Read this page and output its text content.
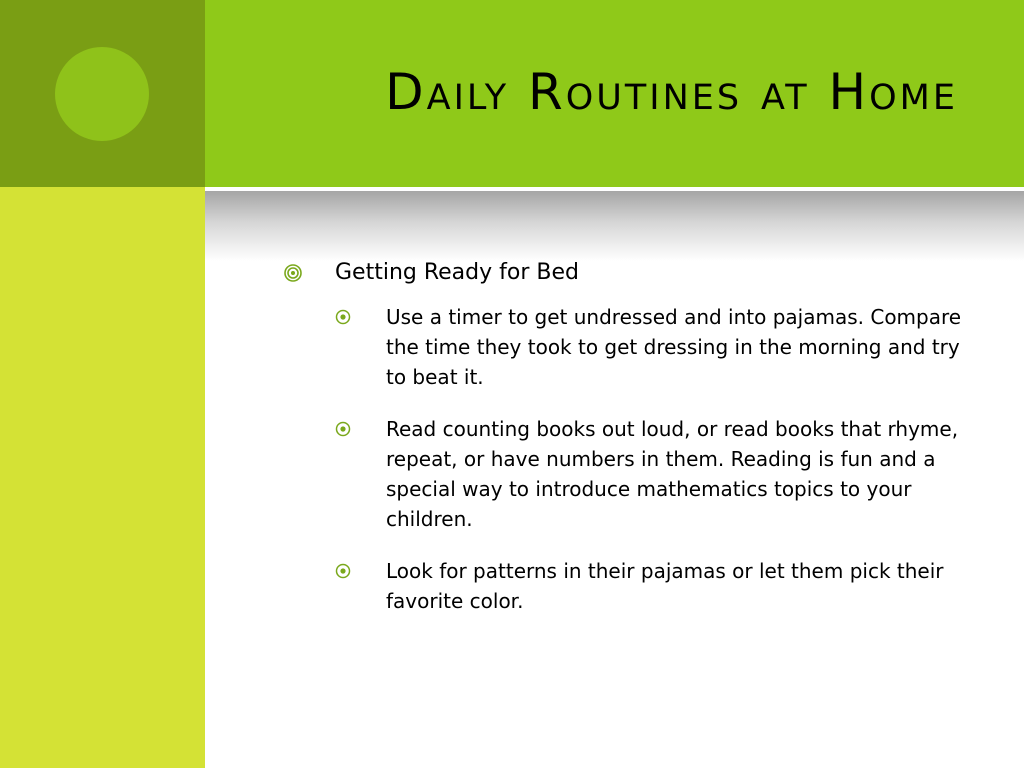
Daily Routines at Home
Getting Ready for Bed
Use a timer to get undressed and into pajamas. Compare the time they took to get dressing in the morning and try to beat it.
Read counting books out loud, or read books that rhyme, repeat, or have numbers in them. Reading is fun and a special way to introduce mathematics topics to your children.
Look for patterns in their pajamas or let them pick their favorite color.
